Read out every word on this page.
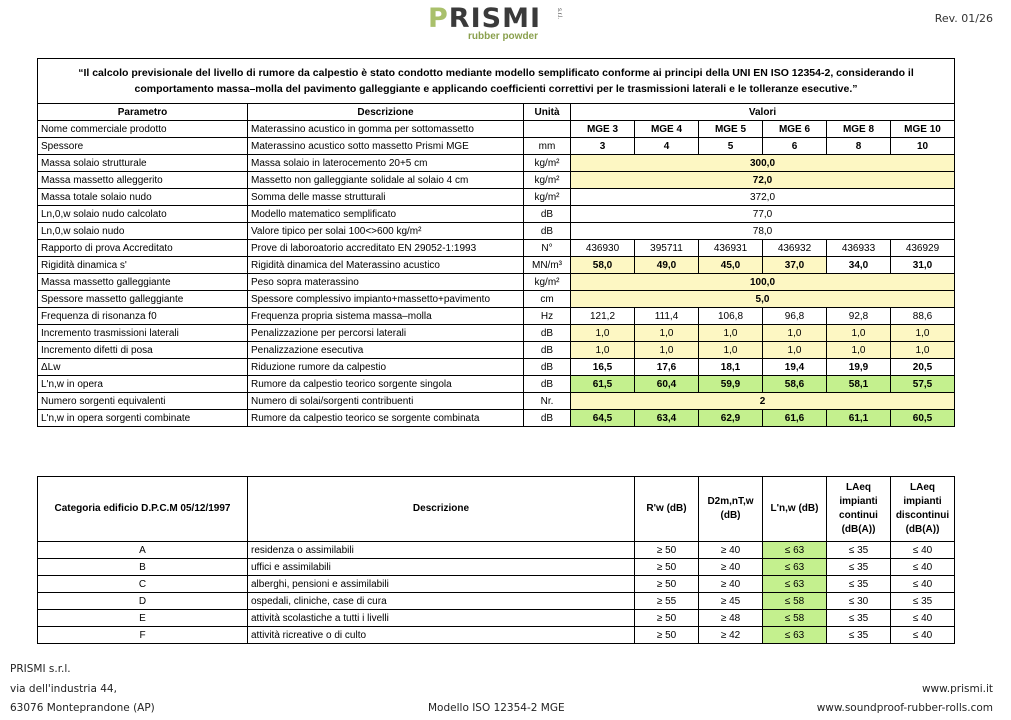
PRISMI
rubber powder
s.r.l.	Rev. 01/26
“Il calcolo previsionale del livello di rumore da calpestio è stato condotto mediante modello semplificato conforme ai principi della UNI EN ISO 12354-2, considerando il comportamento massa–molla del pavimento galleggiante e applicando coefficienti correttivi per le trasmissioni laterali e le tolleranze esecutive.”								
Parametro	Descrizione	Unità	Valori					
Nome commerciale prodotto	Materassino acustico in gomma per sottomassetto		MGE 3	MGE 4	MGE 5	MGE 6	MGE 8	MGE 10
Spessore	Materassino acustico sotto massetto Prismi MGE	mm	3	4	5	6	8	10
Massa solaio strutturale	Massa solaio in laterocemento 20+5 cm	kg/m²	300,0					
Massa massetto alleggerito	Massetto non galleggiante solidale al solaio 4 cm	kg/m²	72,0					
Massa totale solaio nudo	Somma delle masse strutturali	kg/m²	372,0					
Ln,0,w solaio nudo calcolato	Modello matematico semplificato	dB	77,0					
Ln,0,w solaio nudo	Valore tipico per solai 100<>600 kg/m²	dB	78,0					
Rapporto di prova Accreditato	Prove di laboroatorio accreditato EN 29052-1:1993	N°	436930	395711	436931	436932	436933	436929
Rigidità dinamica s'	Rigidità dinamica del Materassino acustico	MN/m³	58,0	49,0	45,0	37,0	34,0	31,0
Massa massetto galleggiante	Peso sopra materassino	kg/m²	100,0					
Spessore massetto galleggiante	Spessore complessivo impianto+massetto+pavimento	cm	5,0					
Frequenza di risonanza f0	Frequenza propria sistema massa–molla	Hz	121,2	111,4	106,8	96,8	92,8	88,6
Incremento trasmissioni laterali	Penalizzazione per percorsi laterali	dB	1,0	1,0	1,0	1,0	1,0	1,0
Incremento difetti di posa	Penalizzazione esecutiva	dB	1,0	1,0	1,0	1,0	1,0	1,0
ΔLw	Riduzione rumore da calpestio	dB	16,5	17,6	18,1	19,4	19,9	20,5
L'n,w in opera	Rumore da calpestio teorico sorgente singola	dB	61,5	60,4	59,9	58,6	58,1	57,5
Numero sorgenti equivalenti	Numero di solai/sorgenti contribuenti	Nr.	2					
L'n,w in opera sorgenti combinate	Rumore da calpestio teorico se sorgente combinata	dB	64,5	63,4	62,9	61,6	61,1	60,5
Categoria edificio D.P.C.M 05/12/1997	Descrizione	R'w (dB)	D2m,nT,w (dB)	L'n,w (dB)	LAeq impianti continui (dB(A))	LAeq impianti discontinui (dB(A))
A	residenza o assimilabili	≥ 50	≥ 40	≤ 63	≤ 35	≤ 40
B	uffici e assimilabili	≥ 50	≥ 40	≤ 63	≤ 35	≤ 40
C	alberghi, pensioni e assimilabili	≥ 50	≥ 40	≤ 63	≤ 35	≤ 40
D	ospedali, cliniche, case di cura	≥ 55	≥ 45	≤ 58	≤ 30	≤ 35
E	attività scolastiche a tutti i livelli	≥ 50	≥ 48	≤ 58	≤ 35	≤ 40
F	attività ricreative o di culto	≥ 50	≥ 42	≤ 63	≤ 35	≤ 40
PRISMI s.r.l.
via dell'industria 44,
63076 Monteprandone (AP)	Modello ISO 12354-2 MGE
www.prismi.it
www.soundproof-rubber-rolls.com
